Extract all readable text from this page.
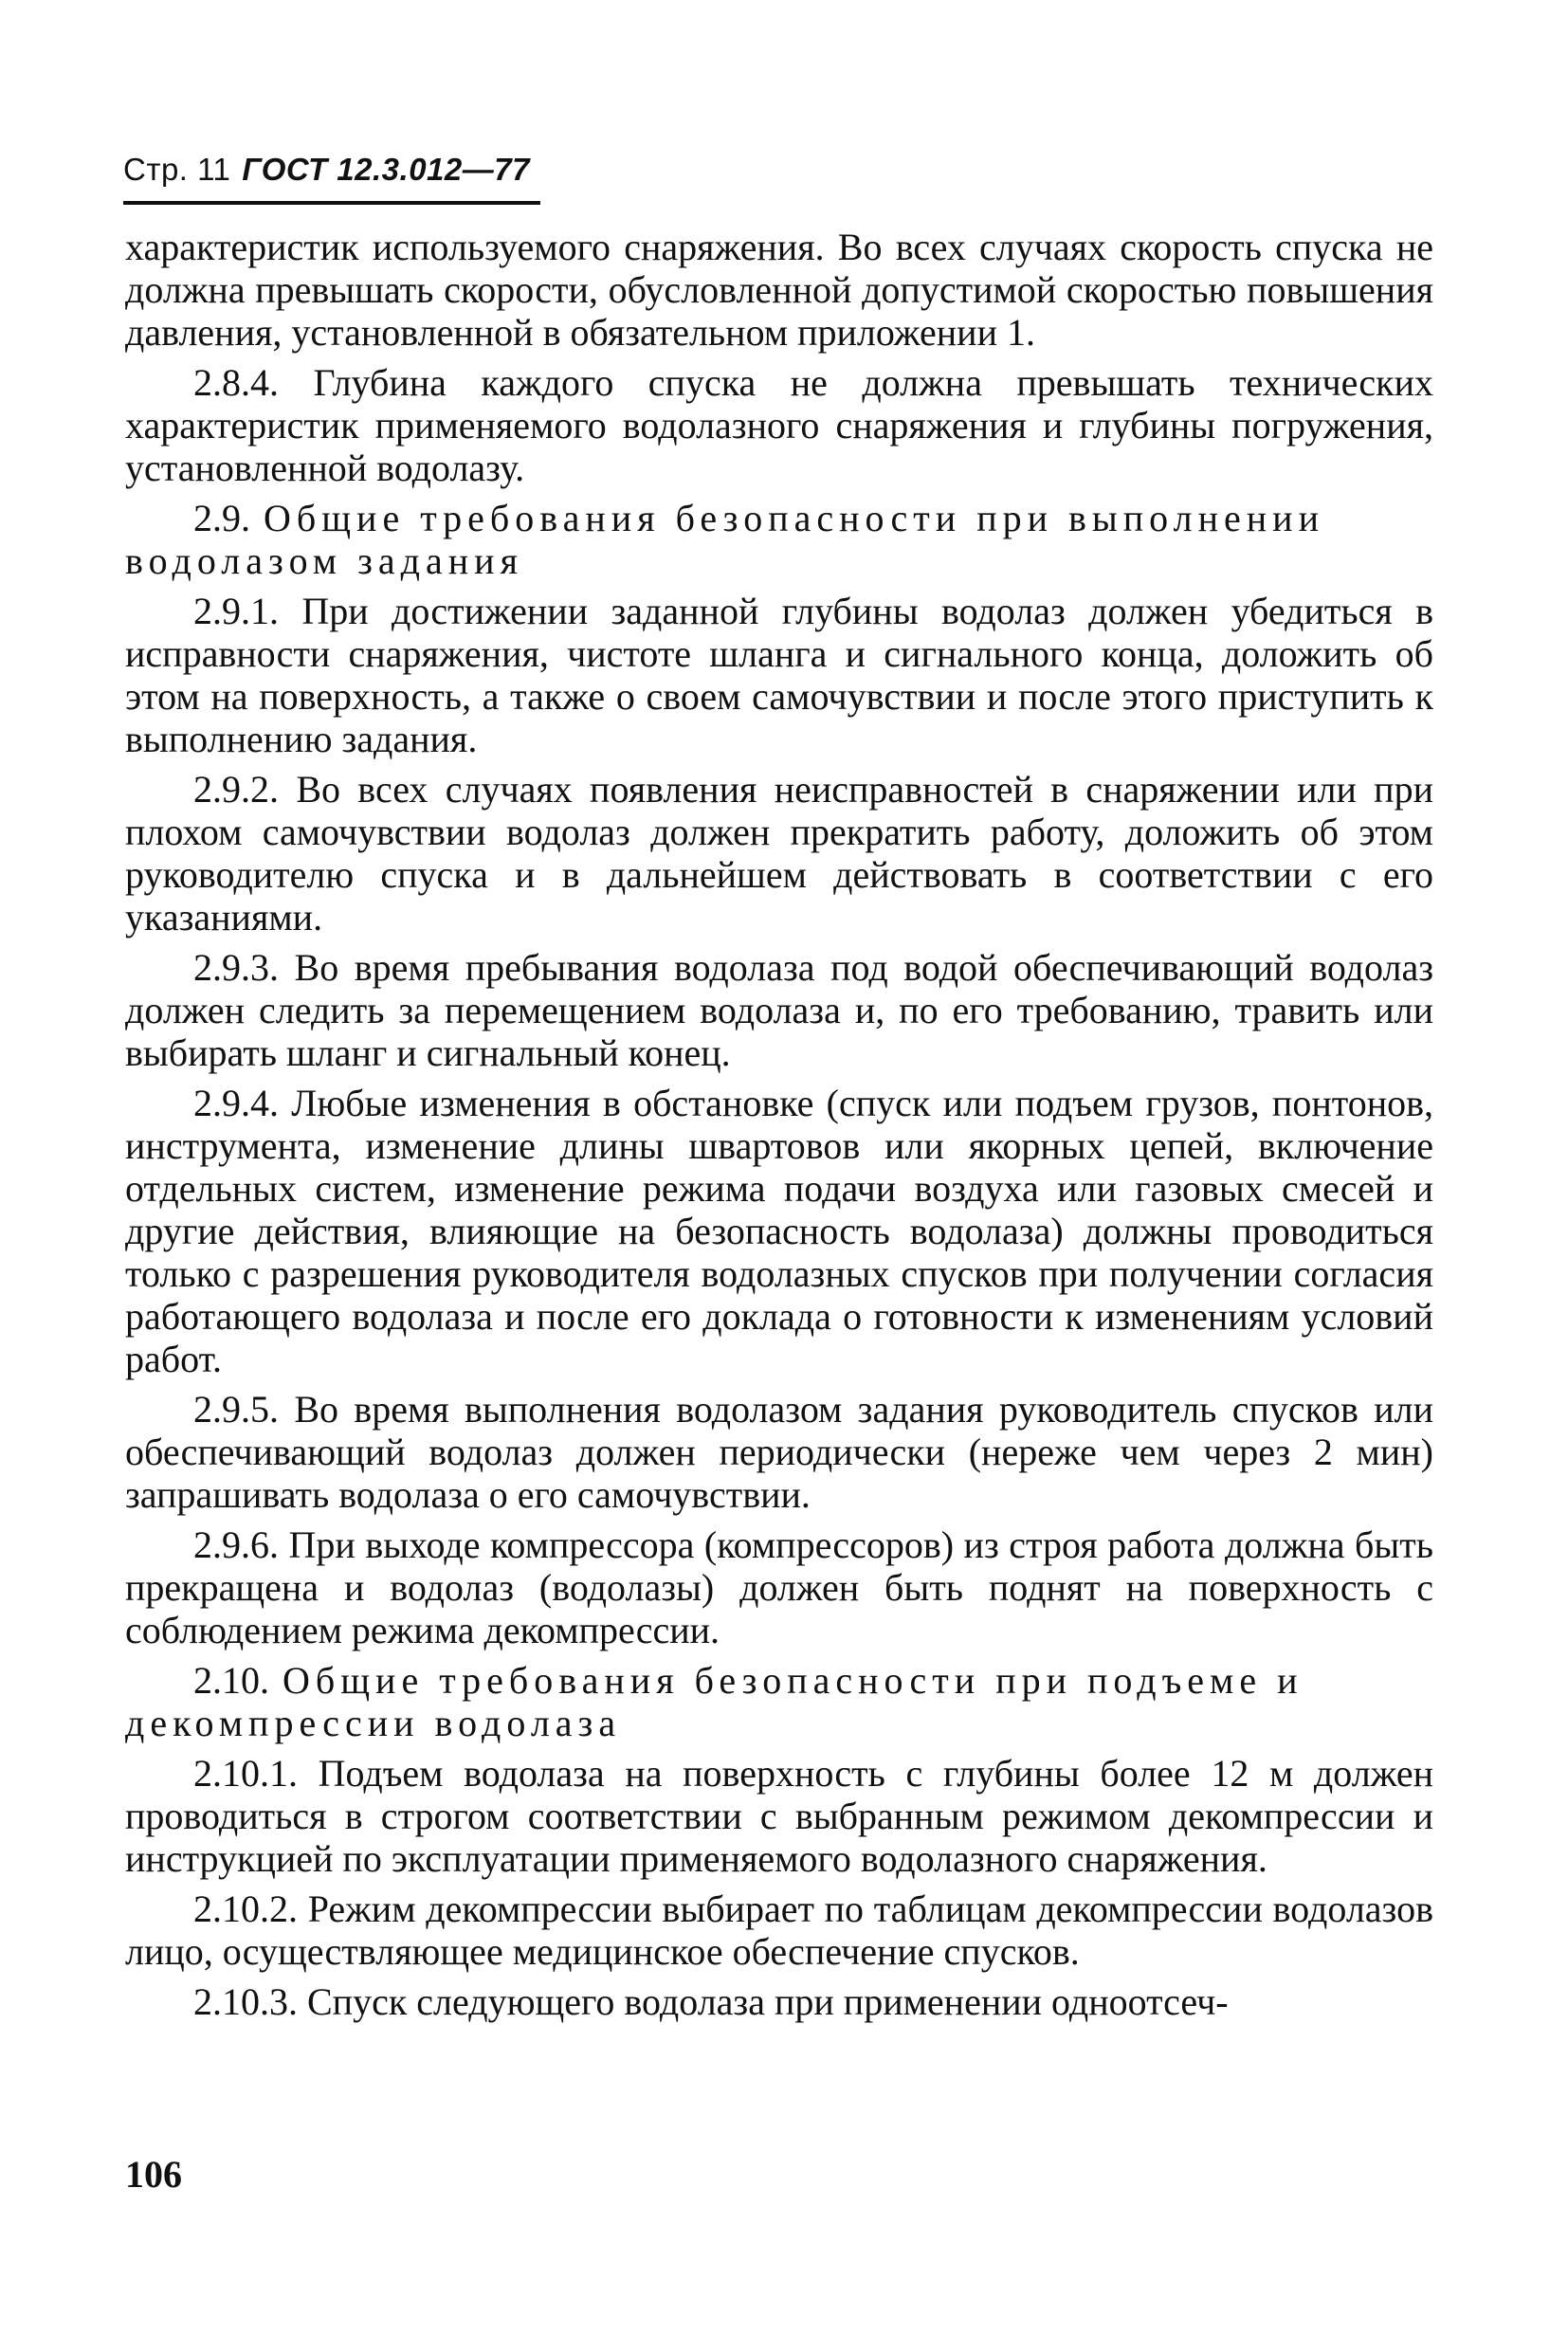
Стр. 11 ГОСТ 12.3.012—77

характеристик используемого снаряжения. Во всех случаях скорость спуска не должна превышать скорости, обусловленной допустимой скоростью повышения давления, установленной в обязательном приложении 1.

2.8.4. Глубина каждого спуска не должна превышать технических характеристик применяемого водолазного снаряжения и глубины погружения, установленной водолазу.

2.9. Общие требования безопасности при выполнении водолазом задания

2.9.1. При достижении заданной глубины водолаз должен убедиться в исправности снаряжения, чистоте шланга и сигнального конца, доложить об этом на поверхность, а также о своем самочувствии и после этого приступить к выполнению задания.

2.9.2. Во всех случаях появления неисправностей в снаряжении или при плохом самочувствии водолаз должен прекратить работу, доложить об этом руководителю спуска и в дальнейшем действовать в соответствии с его указаниями.

2.9.3. Во время пребывания водолаза под водой обеспечивающий водолаз должен следить за перемещением водолаза и, по его требованию, травить или выбирать шланг и сигнальный конец.

2.9.4. Любые изменения в обстановке (спуск или подъем грузов, понтонов, инструмента, изменение длины швартовов или якорных цепей, включение отдельных систем, изменение режима подачи воздуха или газовых смесей и другие действия, влияющие на безопасность водолаза) должны проводиться только с разрешения руководителя водолазных спусков при получении согласия работающего водолаза и после его доклада о готовности к изменениям условий работ.

2.9.5. Во время выполнения водолазом задания руководитель спусков или обеспечивающий водолаз должен периодически (нереже чем через 2 мин) запрашивать водолаза о его самочувствии.

2.9.6. При выходе компрессора (компрессоров) из строя работа должна быть прекращена и водолаз (водолазы) должен быть поднят на поверхность с соблюдением режима декомпрессии.

2.10. Общие требования безопасности при подъеме и декомпрессии водолаза

2.10.1. Подъем водолаза на поверхность с глубины более 12 м должен проводиться в строгом соответствии с выбранным режимом декомпрессии и инструкцией по эксплуатации применяемого водолазного снаряжения.

2.10.2. Режим декомпрессии выбирает по таблицам декомпрессии водолазов лицо, осуществляющее медицинское обеспечение спусков.

2.10.3. Спуск следующего водолаза при применении одноотсеч-

106
